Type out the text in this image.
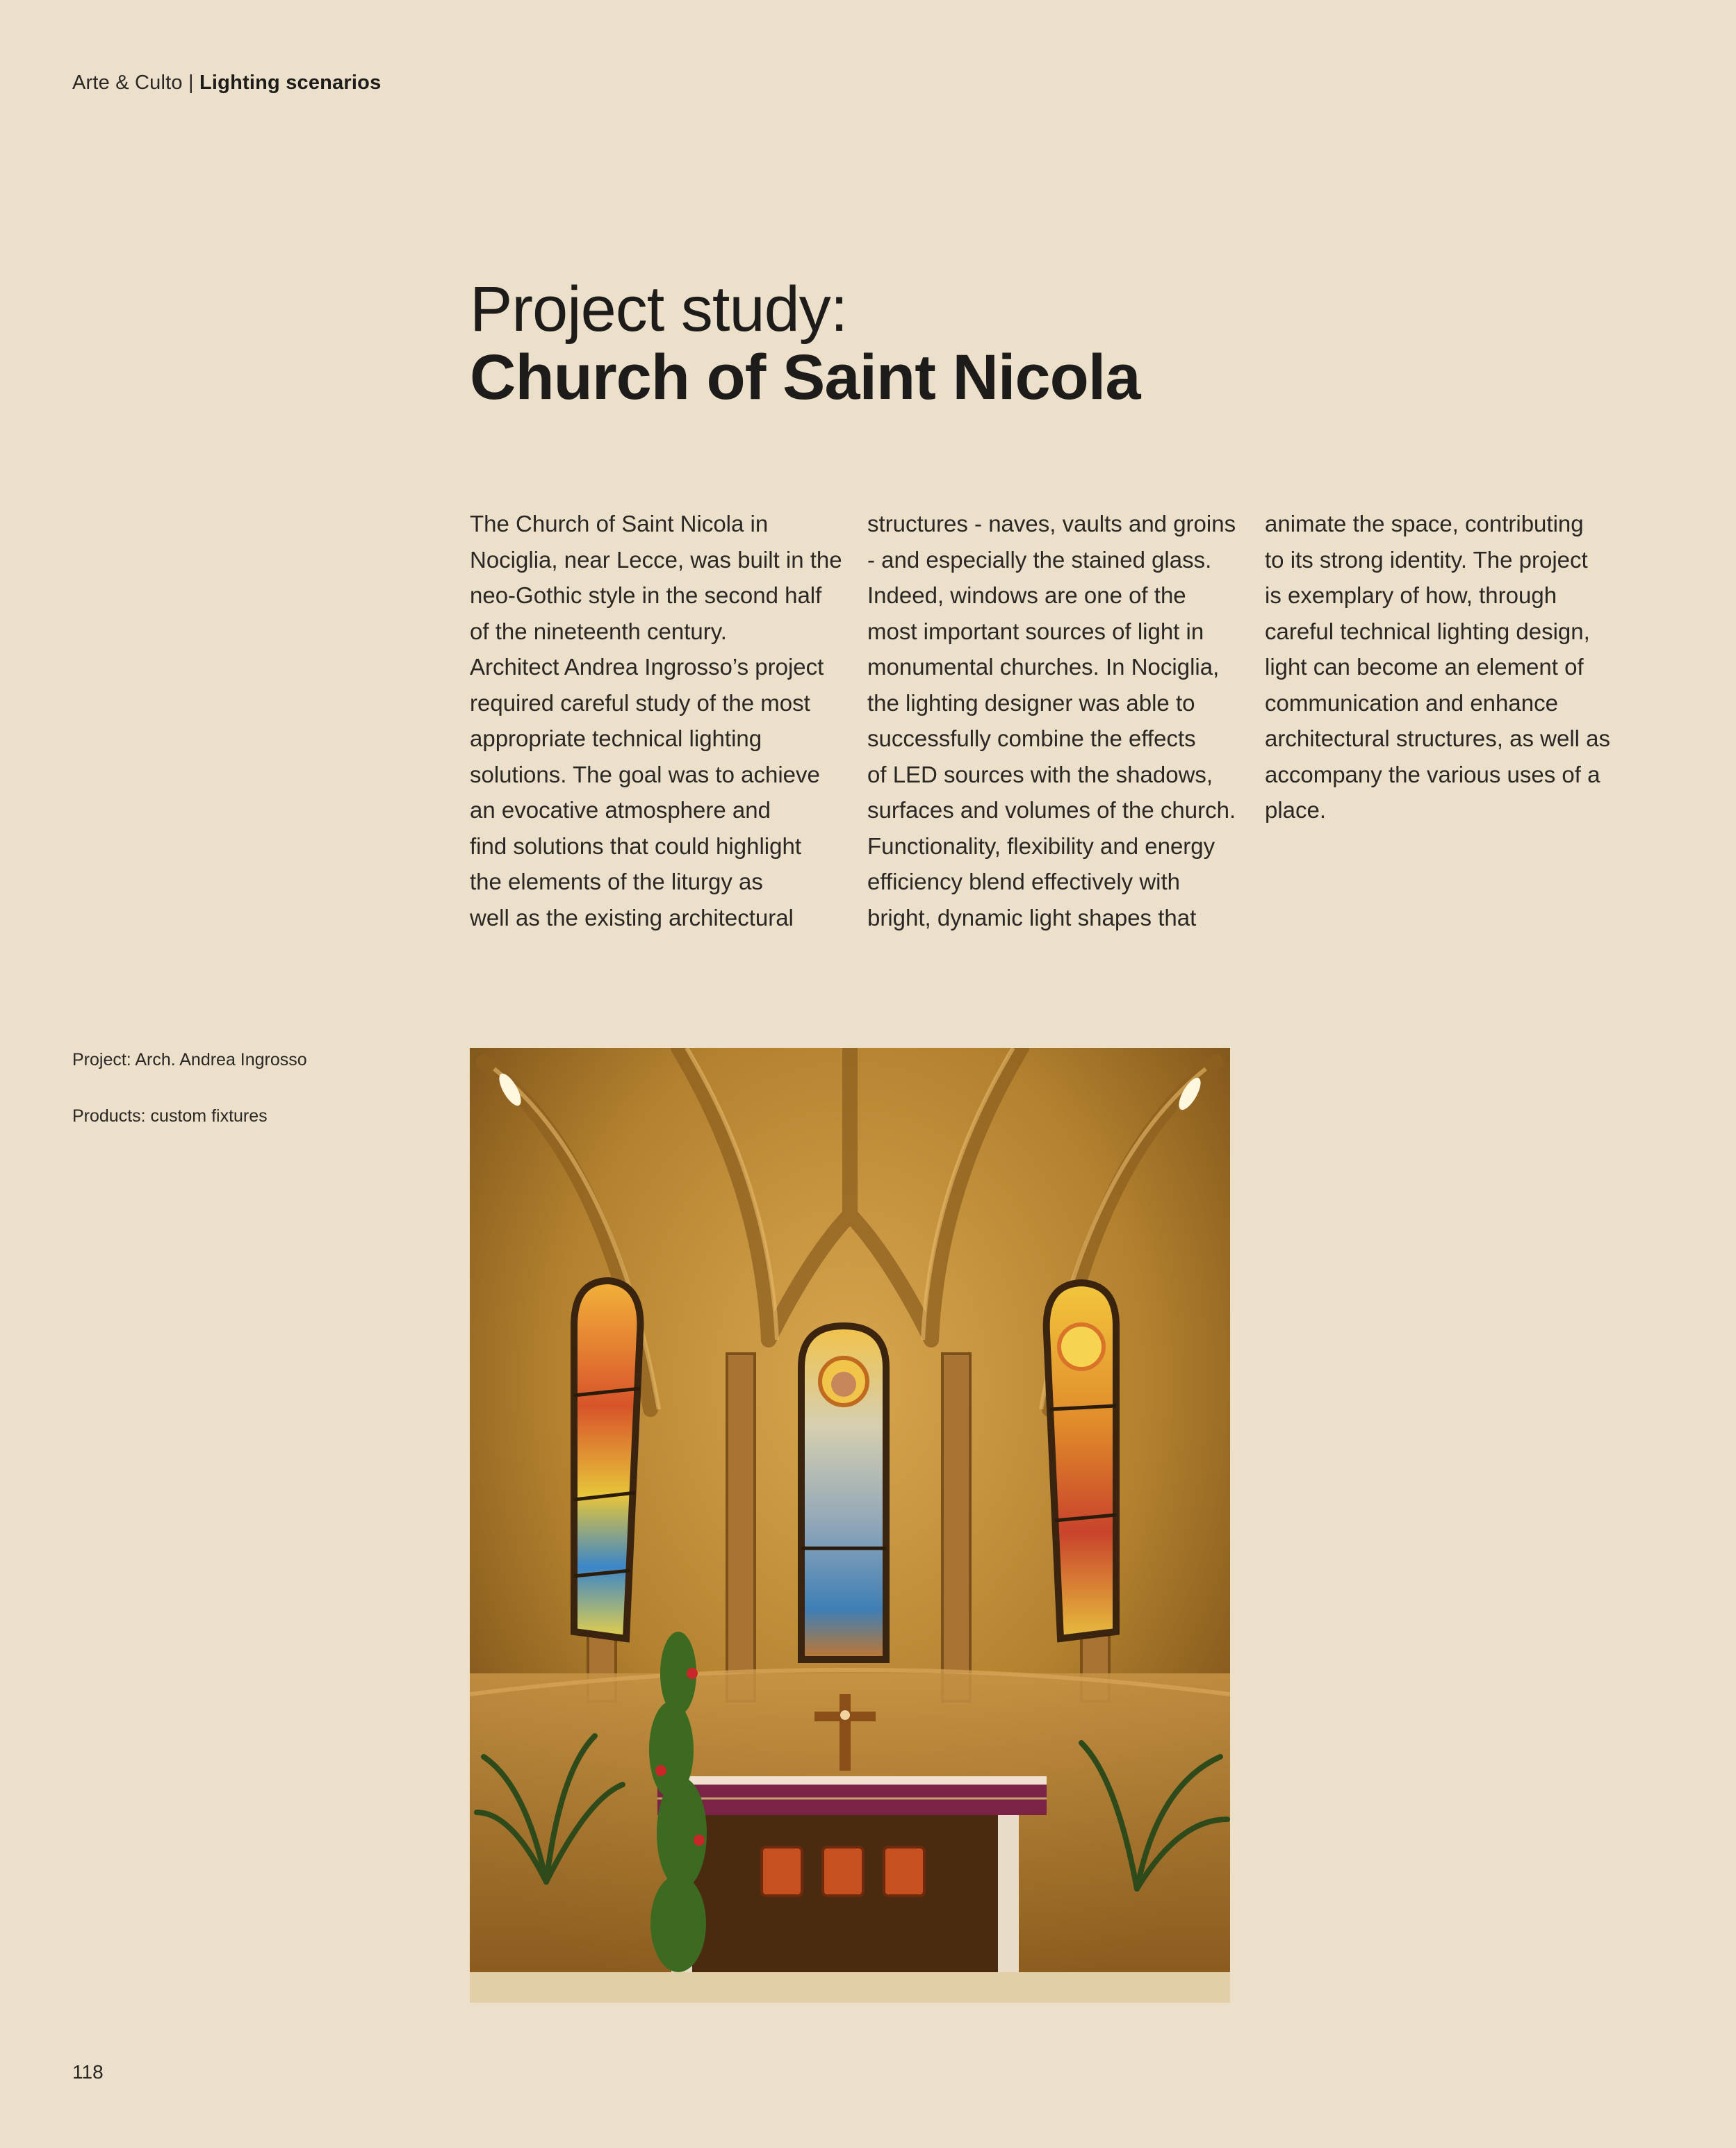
Arte & Culto | Lighting scenarios
Project study:
Church of Saint Nicola

The Church of Saint Nicola in

Nociglia, near Lecce, was built in the

neo-Gothic style in the second half

of the nineteenth century.

Architect Andrea Ingrosso’s project

required careful study of the most

appropriate technical lighting

solutions. The goal was to achieve

an evocative atmosphere and

find solutions that could highlight

the elements of the liturgy as

well as the existing architectural

structures - naves, vaults and groins

- and especially the stained glass.

Indeed, windows are one of the

most important sources of light in

monumental churches. In Nociglia,

the lighting designer was able to

successfully combine the effects

of LED sources with the shadows,

surfaces and volumes of the church.

Functionality, flexibility and energy

efficiency blend effectively with

bright, dynamic light shapes that

animate the space, contributing

to its strong identity. The project

is exemplary of how, through

careful technical lighting design,

light can become an element of

communication and enhance

architectural structures, as well as

accompany the various uses of a

place.

Project: Arch. Andrea Ingrosso
Products: custom fixtures
118
